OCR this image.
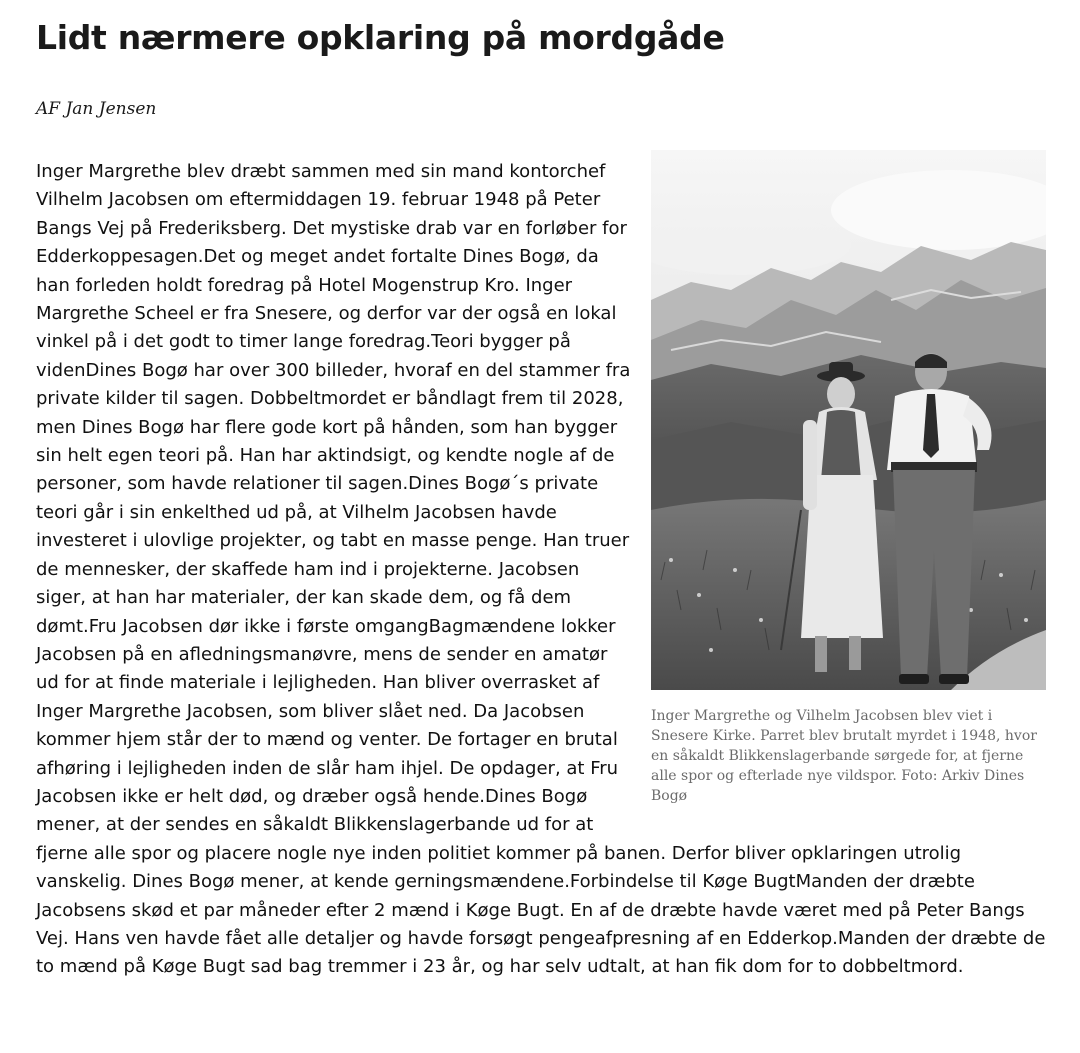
Lidt nærmere opklaring på mordgåde

AF Jan Jensen

Inger Margrethe og Vilhelm Jacobsen blev viet i Snesere Kirke. Parret blev brutalt myrdet i 1948, hvor en såkaldt Blikkenslagerbande sørgede for, at fjerne alle spor og efterlade nye vildspor. Foto: Arkiv Dines Bogø

Inger Margrethe blev dræbt sammen med sin mand kontorchef Vilhelm Jacobsen om eftermiddagen 19. februar 1948 på Peter Bangs Vej på Frederiksberg. Det mystiske drab var en forløber for Edderkoppesagen.Det og meget andet fortalte Dines Bogø, da han forleden holdt foredrag på Hotel Mogenstrup Kro. Inger Margrethe Scheel er fra Snesere, og derfor var der også en lokal vinkel på i det godt to timer lange foredrag.Teori bygger på videnDines Bogø har over 300 billeder, hvoraf en del stammer fra private kilder til sagen. Dobbeltmordet er båndlagt frem til 2028, men Dines Bogø har flere gode kort på hånden, som han bygger sin helt egen teori på. Han har aktindsigt, og kendte nogle af de personer, som havde relationer til sagen.Dines Bogø´s private teori går i sin enkelthed ud på, at Vilhelm Jacobsen havde investeret i ulovlige projekter, og tabt en masse penge. Han truer de mennesker, der skaffede ham ind i projekterne. Jacobsen siger, at han har materialer, der kan skade dem, og få dem dømt.Fru Jacobsen dør ikke i første omgangBagmændene lokker Jacobsen på en afledningsmanøvre, mens de sender en amatør ud for at finde materiale i lejligheden. Han bliver overrasket af Inger Margrethe Jacobsen, som bliver slået ned. Da Jacobsen kommer hjem står der to mænd og venter. De fortager en brutal afhøring i lejligheden inden de slår ham ihjel. De opdager, at Fru Jacobsen ikke er helt død, og dræber også hende.Dines Bogø mener, at der sendes en såkaldt Blikkenslagerbande ud for at fjerne alle spor og placere nogle nye inden politiet kommer på banen. Derfor bliver opklaringen utrolig vanskelig. Dines Bogø mener, at kende gerningsmændene.Forbindelse til Køge BugtManden der dræbte Jacobsens skød et par måneder efter 2 mænd i Køge Bugt. En af de dræbte havde været med på Peter Bangs Vej. Hans ven havde fået alle detaljer og havde forsøgt pengeafpresning af en Edderkop.Manden der dræbte de to mænd på Køge Bugt sad bag tremmer i 23 år, og har selv udtalt, at han fik dom for to dobbeltmord.
